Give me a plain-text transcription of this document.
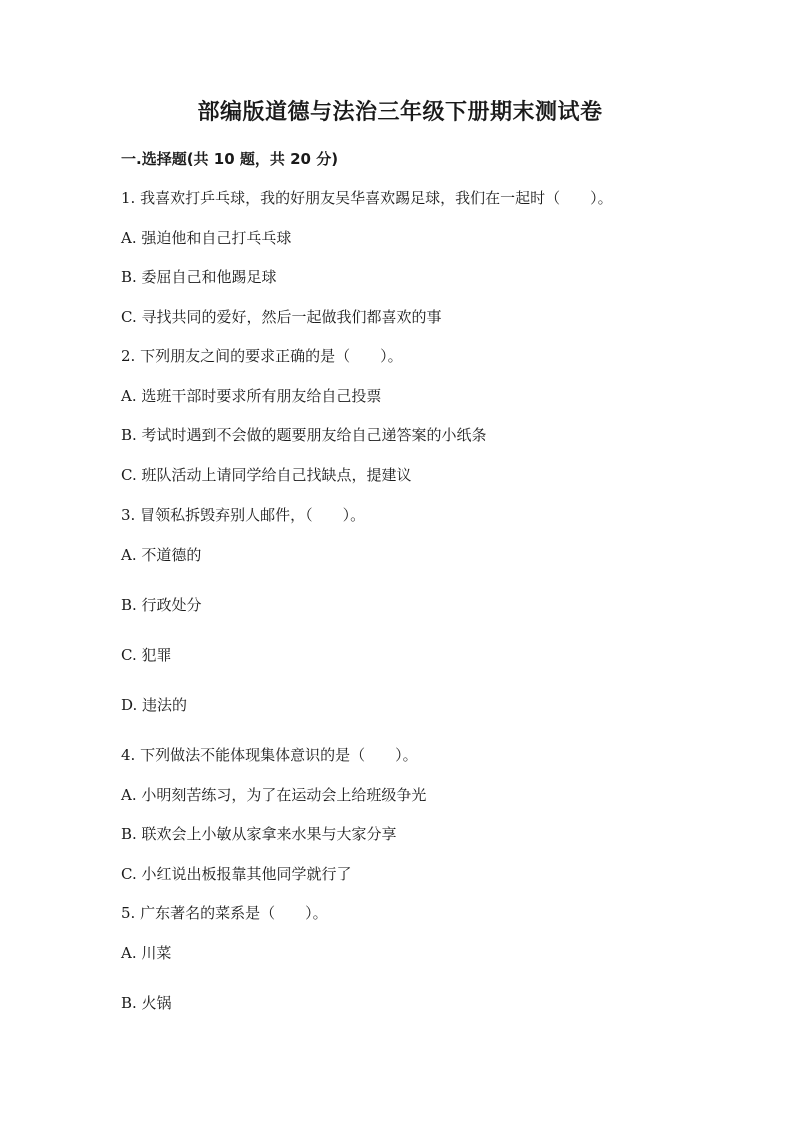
部编版道德与法治三年级下册期末测试卷
一.选择题(共 10 题，共 20 分)
1. 我喜欢打乒乓球，我的好朋友吴华喜欢踢足球，我们在一起时（　　）。
A. 强迫他和自己打乓乓球
B. 委屈自己和他踢足球
C. 寻找共同的爱好，然后一起做我们都喜欢的事
2. 下列朋友之间的要求正确的是（　　）。
A. 选班干部时要求所有朋友给自己投票
B. 考试时遇到不会做的题要朋友给自己递答案的小纸条
C. 班队活动上请同学给自己找缺点，提建议
3. 冒领私拆毁弃别人邮件，（　　）。
A. 不道德的
B. 行政处分
C. 犯罪
D. 违法的
4. 下列做法不能体现集体意识的是（　　）。
A. 小明刻苦练习，为了在运动会上给班级争光
B. 联欢会上小敏从家拿来水果与大家分享
C. 小红说出板报靠其他同学就行了
5. 广东著名的菜系是（　　）。
A. 川菜
B. 火锅
